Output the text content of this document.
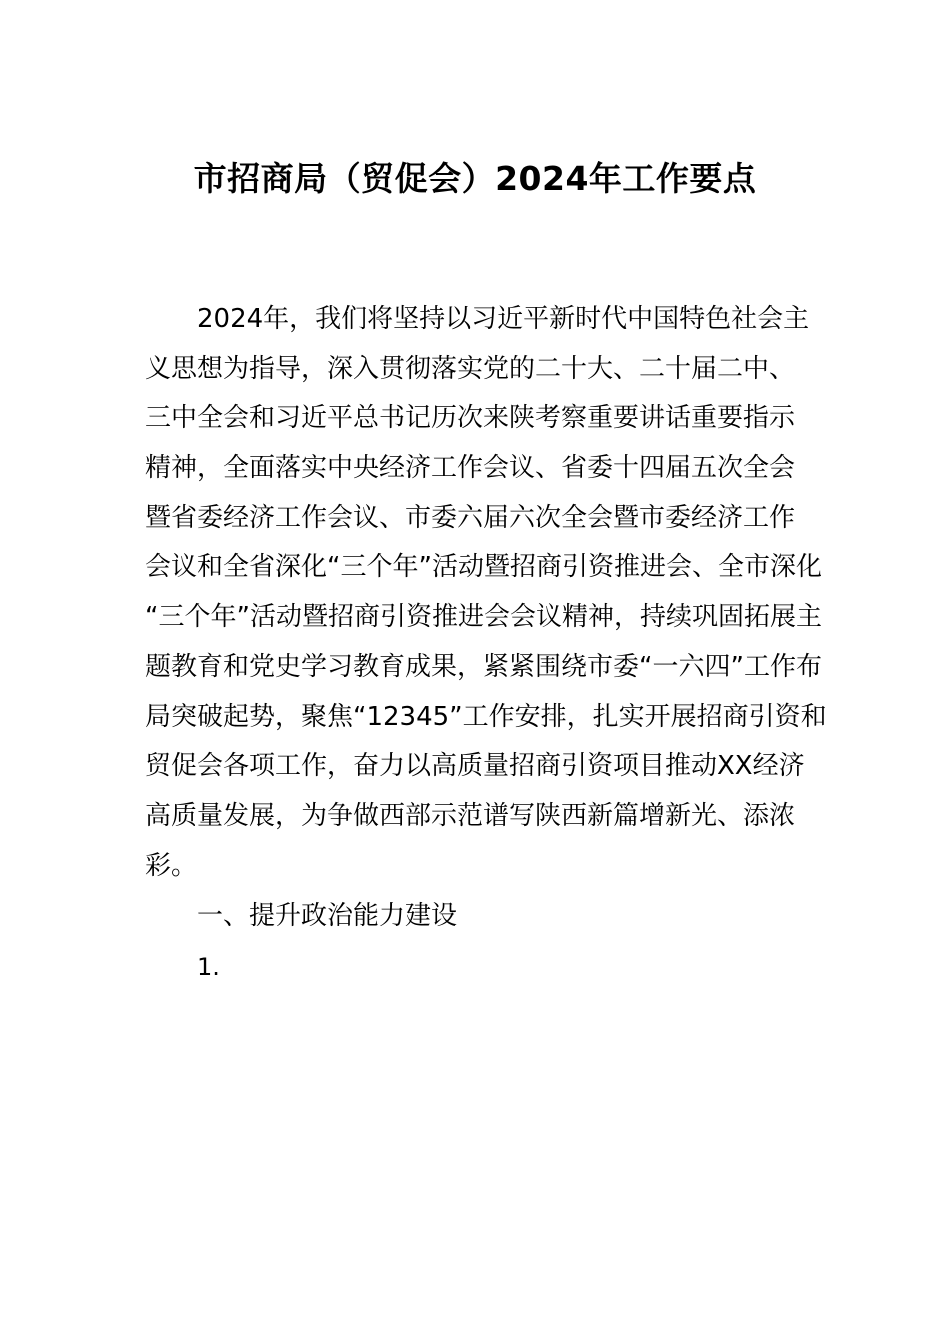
市招商局（贸促会）2024年工作要点
2024年，我们将坚持以习近平新时代中国特色社会主
义思想为指导，深入贯彻落实党的二十大、二十届二中、
三中全会和习近平总书记历次来陕考察重要讲话重要指示
精神，全面落实中央经济工作会议、省委十四届五次全会
暨省委经济工作会议、市委六届六次全会暨市委经济工作
会议和全省深化“三个年”活动暨招商引资推进会、全市深化
“三个年”活动暨招商引资推进会会议精神，持续巩固拓展主
题教育和党史学习教育成果，紧紧围绕市委“一六四”工作布
局突破起势，聚焦“12345”工作安排，扎实开展招商引资和
贸促会各项工作，奋力以高质量招商引资项目推动XX经济
高质量发展，为争做西部示范谱写陕西新篇增新光、添浓
彩。
一、提升政治能力建设
1.
